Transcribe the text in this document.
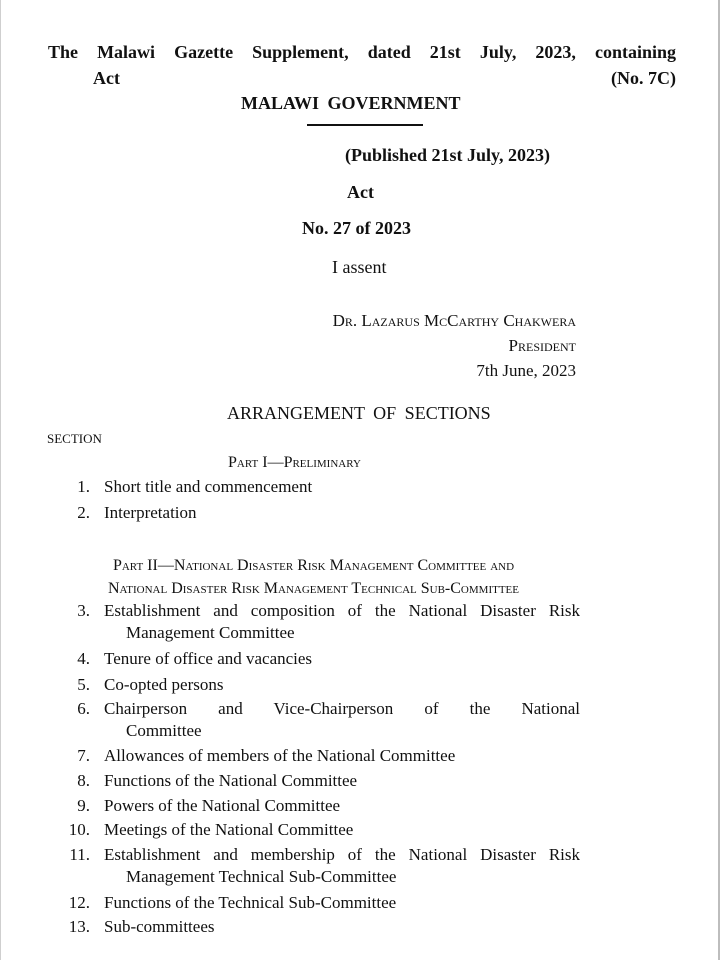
The Malawi Gazette Supplement, dated 21st July, 2023, containing
Act	(No. 7C)
MALAWI GOVERNMENT
(Published 21st July, 2023)
Act
No. 27 of 2023
I assent
Dr. Lazarus McCarthy Chakwera
President
7th June, 2023
ARRANGEMENT OF SECTIONS
SECTION
Part I—Preliminary
1. Short title and commencement
2. Interpretation
Part II—National Disaster Risk Management Committee and
National Disaster Risk Management Technical Sub-Committee
3. Establishment and composition of the National Disaster Risk
Management Committee
4. Tenure of office and vacancies
5. Co-opted persons
6. Chairperson and Vice-Chairperson of the National
Committee
7. Allowances of members of the National Committee
8. Functions of the National Committee
9. Powers of the National Committee
10. Meetings of the National Committee
11. Establishment and membership of the National Disaster Risk
Management Technical Sub-Committee
12. Functions of the Technical Sub-Committee
13. Sub-committees
